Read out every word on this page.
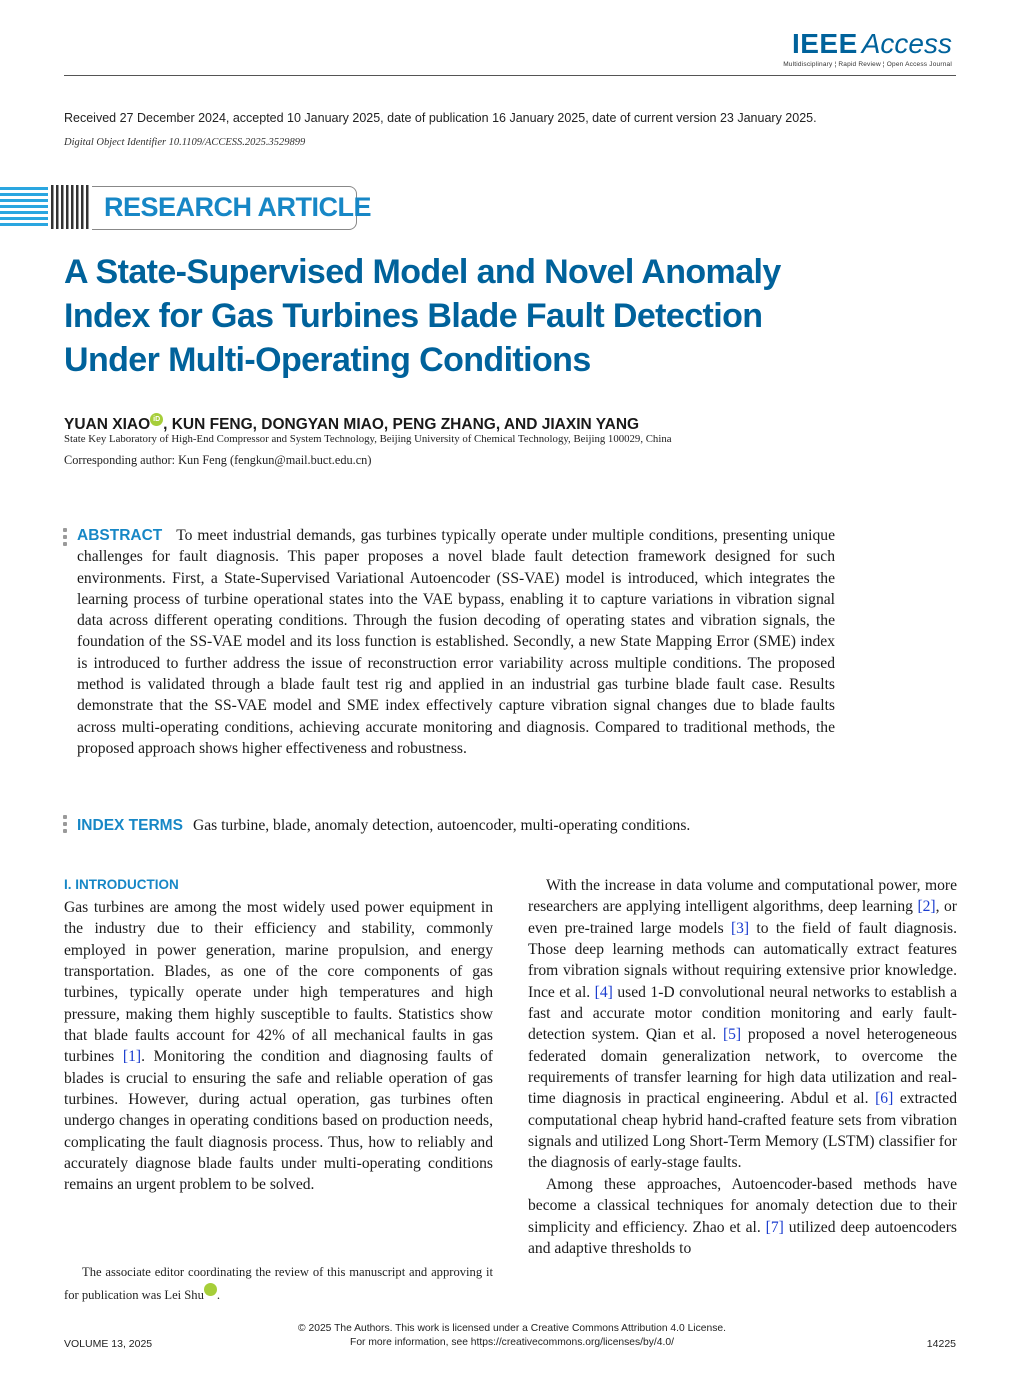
IEEE Access
Multidisciplinary ¦ Rapid Review ¦ Open Access Journal
Received 27 December 2024, accepted 10 January 2025, date of publication 16 January 2025, date of current version 23 January 2025.
Digital Object Identifier 10.1109/ACCESS.2025.3529899
RESEARCH ARTICLE
A State-Supervised Model and Novel Anomaly
Index for Gas Turbines Blade Fault Detection
Under Multi-Operating Conditions
YUAN XIAO iD , KUN FENG, DONGYAN MIAO, PENG ZHANG, AND JIAXIN YANG
State Key Laboratory of High-End Compressor and System Technology, Beijing University of Chemical Technology, Beijing 100029, China
Corresponding author: Kun Feng (fengkun@mail.buct.edu.cn)
ABSTRACT To meet industrial demands, gas turbines typically operate under multiple conditions, presenting unique challenges for fault diagnosis. This paper proposes a novel blade fault detection framework designed for such environments. First, a State-Supervised Variational Autoencoder (SS-VAE) model is introduced, which integrates the learning process of turbine operational states into the VAE bypass, enabling it to capture variations in vibration signal data across different operating conditions. Through the fusion decoding of operating states and vibration signals, the foundation of the SS-VAE model and its loss function is established. Secondly, a new State Mapping Error (SME) index is introduced to further address the issue of reconstruction error variability across multiple conditions. The proposed method is validated through a blade fault test rig and applied in an industrial gas turbine blade fault case. Results demonstrate that the SS-VAE model and SME index effectively capture vibration signal changes due to blade faults across multi-operating conditions, achieving accurate monitoring and diagnosis. Compared to traditional methods, the proposed approach shows higher effectiveness and robustness.
INDEX TERMS Gas turbine, blade, anomaly detection, autoencoder, multi-operating conditions.
I. INTRODUCTION

Gas turbines are among the most widely used power equipment in the industry due to their efficiency and stability, commonly employed in power generation, marine propulsion, and energy transportation. Blades, as one of the core components of gas turbines, typically operate under high temperatures and high pressure, making them highly susceptible to faults. Statistics show that blade faults account for 42% of all mechanical faults in gas turbines [1]. Monitoring the condition and diagnosing faults of blades is crucial to ensuring the safe and reliable operation of gas turbines. However, during actual operation, gas turbines often undergo changes in operating conditions based on production needs, complicating the fault diagnosis process. Thus, how to reliably and accurately diagnose blade faults under multi-operating conditions remains an urgent problem to be solved.

With the increase in data volume and computational power, more researchers are applying intelligent algorithms, deep learning [2], or even pre-trained large models [3] to the field of fault diagnosis. Those deep learning methods can automatically extract features from vibration signals without requiring extensive prior knowledge. Ince et al. [4] used 1-D convolutional neural networks to establish a fast and accurate motor condition monitoring and early fault-detection system. Qian et al. [5] proposed a novel heterogeneous federated domain generalization network, to overcome the requirements of transfer learning for high data utilization and real-time diagnosis in practical engineering. Abdul et al. [6] extracted computational cheap hybrid hand-crafted feature sets from vibration signals and utilized Long Short-Term Memory (LSTM) classifier for the diagnosis of early-stage faults.

Among these approaches, Autoencoder-based methods have become a classical techniques for anomaly detection due to their simplicity and efficiency. Zhao et al. [7] utilized deep autoencoders and adaptive thresholds to

The associate editor coordinating the review of this manuscript and approving it for publication was Lei Shu	iD.

VOLUME 13, 2025
© 2025 The Authors. This work is licensed under a Creative Commons Attribution 4.0 License.
For more information, see https://creativecommons.org/licenses/by/4.0/	14225
